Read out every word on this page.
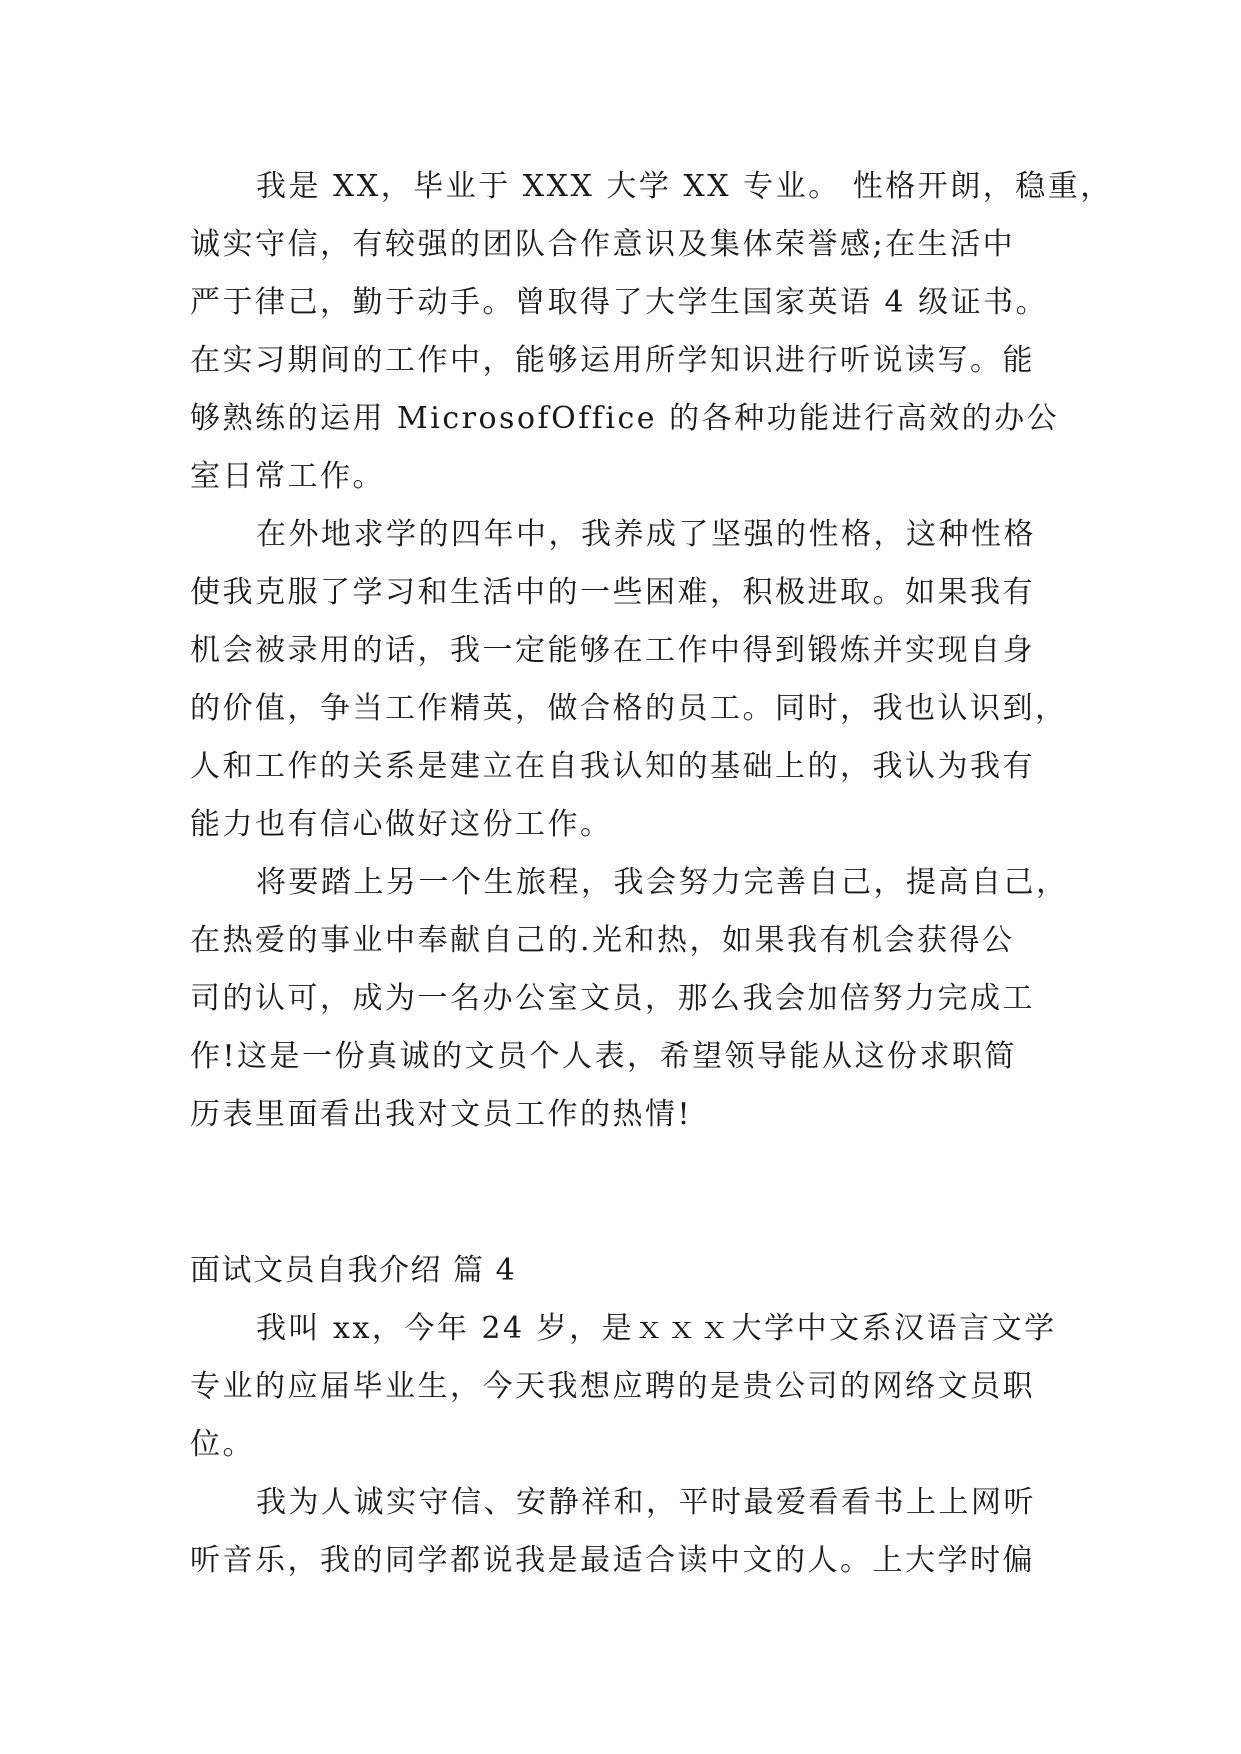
我是 XX，毕业于 XXX 大学 XX 专业。 性格开朗，稳重，
诚实守信，有较强的团队合作意识及集体荣誉感;在生活中
严于律己，勤于动手。曾取得了大学生国家英语 4 级证书。
在实习期间的工作中，能够运用所学知识进行听说读写。能
够熟练的运用 MicrosofOffice 的各种功能进行高效的办公
室日常工作。
在外地求学的四年中，我养成了坚强的性格，这种性格
使我克服了学习和生活中的一些困难，积极进取。如果我有
机会被录用的话，我一定能够在工作中得到锻炼并实现自身
的价值，争当工作精英，做合格的员工。同时，我也认识到，
人和工作的关系是建立在自我认知的基础上的，我认为我有
能力也有信心做好这份工作。
将要踏上另一个生旅程，我会努力完善自己，提高自己，
在热爱的事业中奉献自己的.光和热，如果我有机会获得公
司的认可，成为一名办公室文员，那么我会加倍努力完成工
作!这是一份真诚的文员个人表，希望领导能从这份求职简
历表里面看出我对文员工作的热情!
面试文员自我介绍 篇 4
我叫 xx，今年 24 岁，是ｘｘｘ大学中文系汉语言文学
专业的应届毕业生，今天我想应聘的是贵公司的网络文员职
位。
我为人诚实守信、安静祥和，平时最爱看看书上上网听
听音乐，我的同学都说我是最适合读中文的人。上大学时偏
